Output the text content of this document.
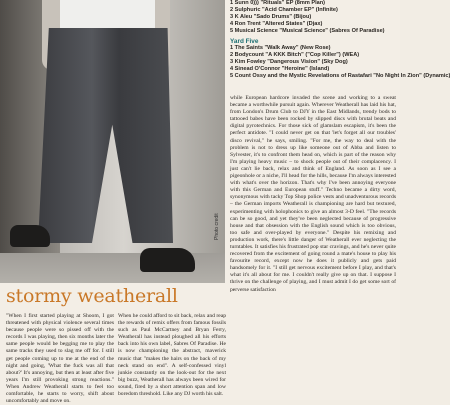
Photo credit
1 Sunn 0))) "Rituals" EP (8mm Plan)
2 Sulphuric "Acid Chamber EP" (Infinite)
3 K Aleu "Sado Drums" (Bijou)
4 Ron Trent "Altered States" (Djax)
5 Musical Science "Musical Science" (Sabres Of Paradise)
Yard Five
1 The Saints "Walk Away" (New Rose)
2 Bodycount "A KKK Bitch" ("Cop Killer") (WEA)
3 Kim Fowley "Dangerous Vision" (Sky Dog)
4 Sinead O'Connor "Heroine" (Island)
5 Count Ossy and the Mystic Revelations of Rastafari "No Night In Zion" (Dynamic)
while European hardcore invaded the scene and working to a sweat became a worthwhile pursuit again. Wherever Weatherall has laid his hat, from London's Drum Club to DJY in the East Midlands, trendy bods to tattooed babes have been rocked by slipped discs with brutal beats and digital pyrotechnics. For those sick of glamslam escapism, it's been the perfect antidote. "I could never get on that 'let's forget all our troubles' disco revival," he says, smiling. "For me, the way to deal with the problem is not to dress up like someone out of Abba and listen to Sylvester, it's to confront them head on, which is part of the reason why I'm playing heavy music – to shock people out of their complacency. I just can't lie back, relax and think of England. As soon as I see a pigeonhole or a niche, I'll head for the hills, because I'm always interested with what's over the horizon. That's why I've been annoying everyone with this German and European stuff." Techno became a dirty word, synonymous with tacky Top Shop police vests and unadventurous records – the German imports Weatherall is championing are hard but textured, experimenting with holophonics to give an almost 3-D feel. "The records can be so good, and yet they've been neglected because of progressive house and that obsession with the English sound which is too obvious, too safe and over-played by everyone." Despite his remixing and production work, there's little danger of Weatherall ever neglecting the turntables. It satisfies his frustrated pop star cravings, and he's never quite recovered from the excitement of going round a mate's house to play his favourite record, except now he does it publicly and gets paid handsomely for it. "I still get nervous excitement before I play, and that's what it's all about for me. I couldn't really give up on that. I suppose I thrive on the challenge of playing, and I must admit I do get some sort of perverse satisfaction
stormy weatherall
"When I first started playing at Shoom, I got threatened with physical violence several times because people were so pissed off with the records I was playing, then six months later the same people would be begging me to play the same tracks they used to slag me off for. I still get people coming up to me at the end of the night and going, 'What the fuck was all that about?' It's annoying, but then at least after five years I'm still provoking strong reactions." When Andrew Weatherall starts to feel too comfortable, he starts to worry, shift about uncomfortably and move on.
When he could afford to sit back, relax and reap the rewards of remix offers from famous fossils such as Paul McCartney and Bryan Ferry, Weatherall has instead ploughed all his efforts back into his own label, Sabres Of Paradise. He is now championing the abstract, maverick music that "makes the hairs on the back of my neck stand on end". A self-confessed vinyl junkie constantly on the look-out for the next big buzz, Weatherall has always been wired for sound, fired by a short attention span and low boredom threshold. Like any DJ worth his salt.
